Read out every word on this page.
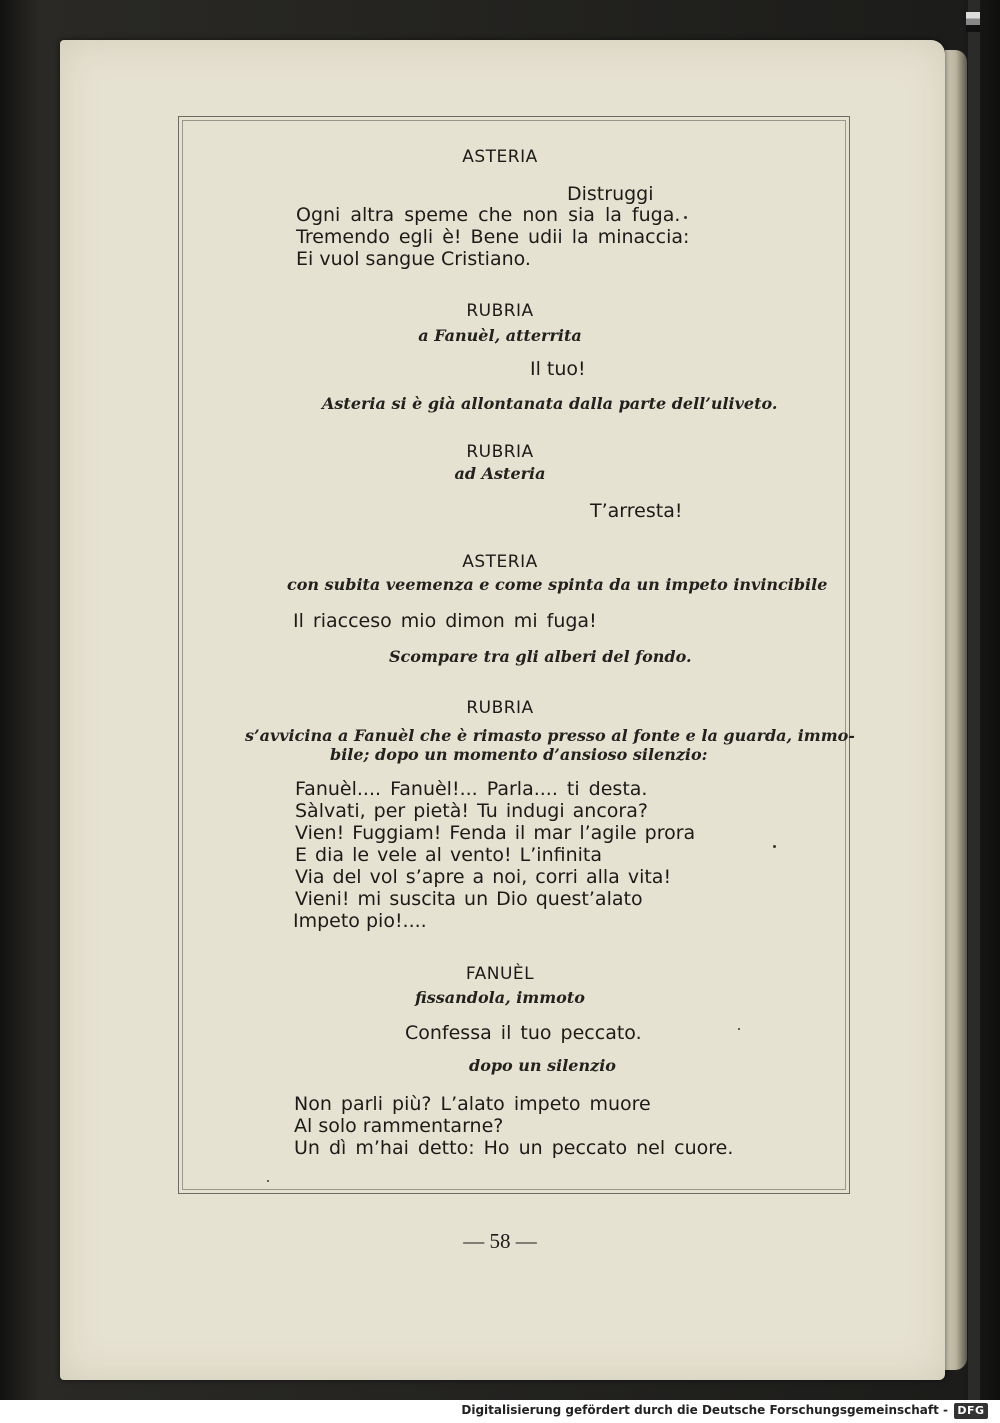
ASTERIA
Distruggi
Ogni altra speme che non sia la fuga.
Tremendo egli è! Bene udii la minaccia:
Ei vuol sangue Cristiano.
RUBRIA
a Fanuèl, atterrita
Il tuo!
Asteria si è già allontanata dalla parte dell’uliveto.
RUBRIA
ad Asteria
T’arresta!
ASTERIA
con subita veemenza e come spinta da un impeto invincibile
Il riacceso mio dimon mi fuga!
Scompare tra gli alberi del fondo.
RUBRIA
s’avvicina a Fanuèl che è rimasto presso al fonte e la guarda, immo-
bile; dopo un momento d’ansioso silenzio:
Fanuèl.... Fanuèl!... Parla.... ti desta.
Sàlvati, per pietà! Tu indugi ancora?
Vien! Fuggiam! Fenda il mar l’agile prora
E dia le vele al vento! L’infinita
Via del vol s’apre a noi, corri alla vita!
Vieni! mi suscita un Dio quest’alato
Impeto pio!....
FANUÈL
fissandola, immoto
Confessa il tuo peccato.
dopo un silenzio
Non parli più? L’alato impeto muore
Al solo rammentarne?
Un dì m’hai detto: Ho un peccato nel cuore.
— 58 —
Digitalisierung gefördert durch die Deutsche Forschungsgemeinschaft - DFG
